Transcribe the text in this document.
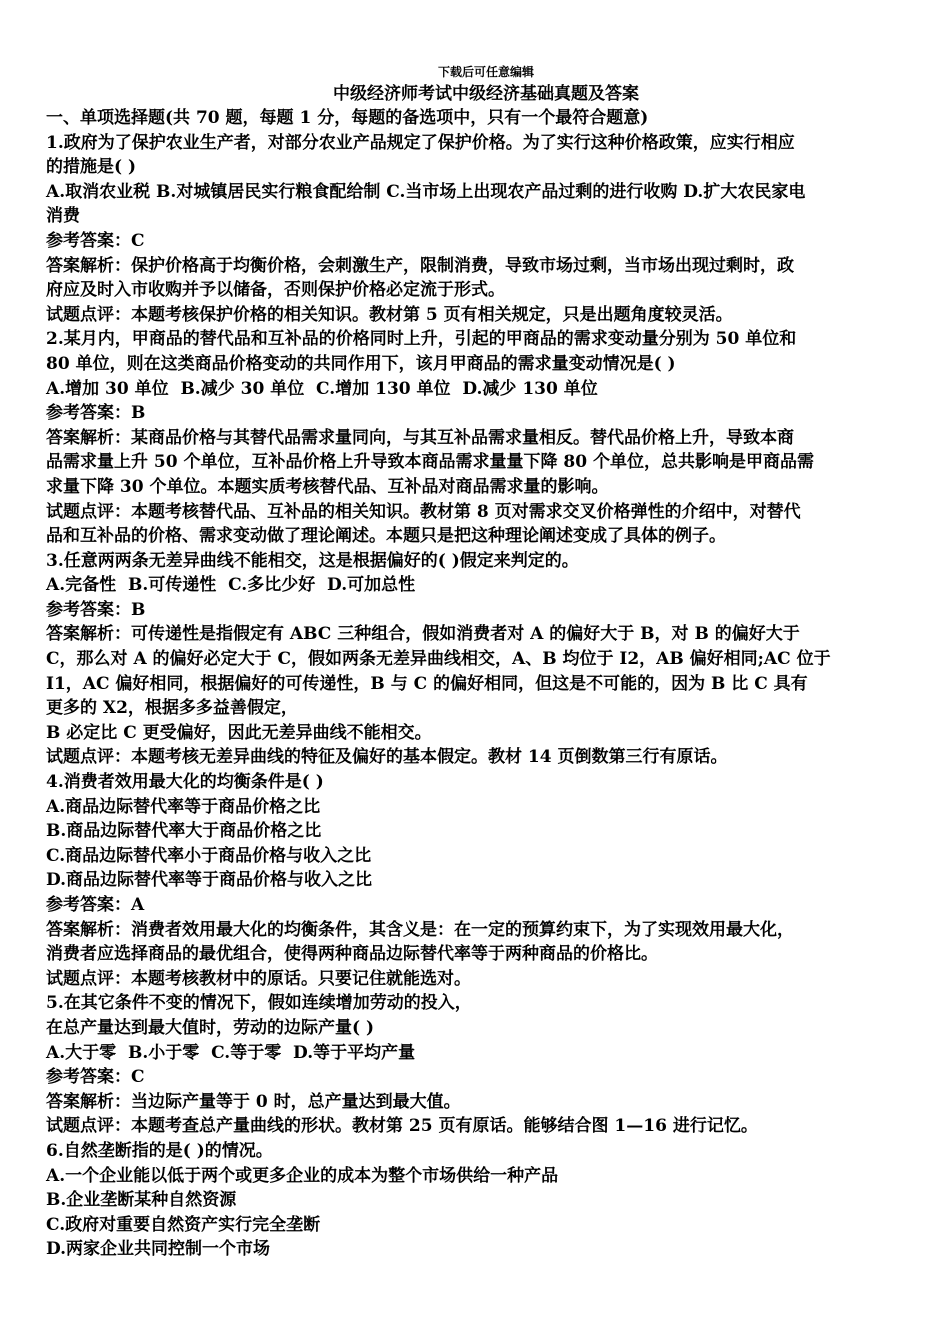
下载后可任意编辑
中级经济师考试中级经济基础真题及答案
一、单项选择题(共 70 题，每题 1 分，每题的备选项中，只有一个最符合题意)
1.政府为了保护农业生产者，对部分农业产品规定了保护价格。为了实行这种价格政策，应实行相应
的措施是( )
A.取消农业税 B.对城镇居民实行粮食配给制 C.当市场上出现农产品过剩的进行收购 D.扩大农民家电
消费
参考答案：C
答案解析：保护价格高于均衡价格，会刺激生产，限制消费，导致市场过剩，当市场出现过剩时，政
府应及时入市收购并予以储备，否则保护价格必定流于形式。
试题点评：本题考核保护价格的相关知识。教材第 5 页有相关规定，只是出题角度较灵活。
2.某月内，甲商品的替代品和互补品的价格同时上升，引起的甲商品的需求变动量分别为 50 单位和
80 单位，则在这类商品价格变动的共同作用下，该月甲商品的需求量变动情况是( )
A.增加 30 单位  B.减少 30 单位  C.增加 130 单位  D.减少 130 单位
参考答案：B
答案解析：某商品价格与其替代品需求量同向，与其互补品需求量相反。替代品价格上升，导致本商
品需求量上升 50 个单位，互补品价格上升导致本商品需求量量下降 80 个单位，总共影响是甲商品需
求量下降 30 个单位。本题实质考核替代品、互补品对商品需求量的影响。
试题点评：本题考核替代品、互补品的相关知识。教材第 8 页对需求交叉价格弹性的介绍中，对替代
品和互补品的价格、需求变动做了理论阐述。本题只是把这种理论阐述变成了具体的例子。
3.任意两两条无差异曲线不能相交，这是根据偏好的( )假定来判定的。
A.完备性  B.可传递性  C.多比少好  D.可加总性
参考答案：B
答案解析：可传递性是指假定有 ABC 三种组合，假如消费者对 A 的偏好大于 B，对 B 的偏好大于
C，那么对 A 的偏好必定大于 C，假如两条无差异曲线相交，A、B 均位于 I2，AB 偏好相同;AC 位于
I1，AC 偏好相同，根据偏好的可传递性，B 与 C 的偏好相同，但这是不可能的，因为 B 比 C 具有
更多的 X2，根据多多益善假定，
B 必定比 C 更受偏好，因此无差异曲线不能相交。
试题点评：本题考核无差异曲线的特征及偏好的基本假定。教材 14 页倒数第三行有原话。
4.消费者效用最大化的均衡条件是( )
A.商品边际替代率等于商品价格之比
B.商品边际替代率大于商品价格之比
C.商品边际替代率小于商品价格与收入之比
D.商品边际替代率等于商品价格与收入之比
参考答案：A
答案解析：消费者效用最大化的均衡条件，其含义是：在一定的预算约束下，为了实现效用最大化，
消费者应选择商品的最优组合，使得两种商品边际替代率等于两种商品的价格比。
试题点评：本题考核教材中的原话。只要记住就能选对。
5.在其它条件不变的情况下，假如连续增加劳动的投入，
在总产量达到最大值时，劳动的边际产量( )
A.大于零  B.小于零  C.等于零  D.等于平均产量
参考答案：C
答案解析：当边际产量等于 0 时，总产量达到最大值。
试题点评：本题考查总产量曲线的形状。教材第 25 页有原话。能够结合图 1—16 进行记忆。
6.自然垄断指的是( )的情况。
A.一个企业能以低于两个或更多企业的成本为整个市场供给一种产品
B.企业垄断某种自然资源
C.政府对重要自然资产实行完全垄断
D.两家企业共同控制一个市场
